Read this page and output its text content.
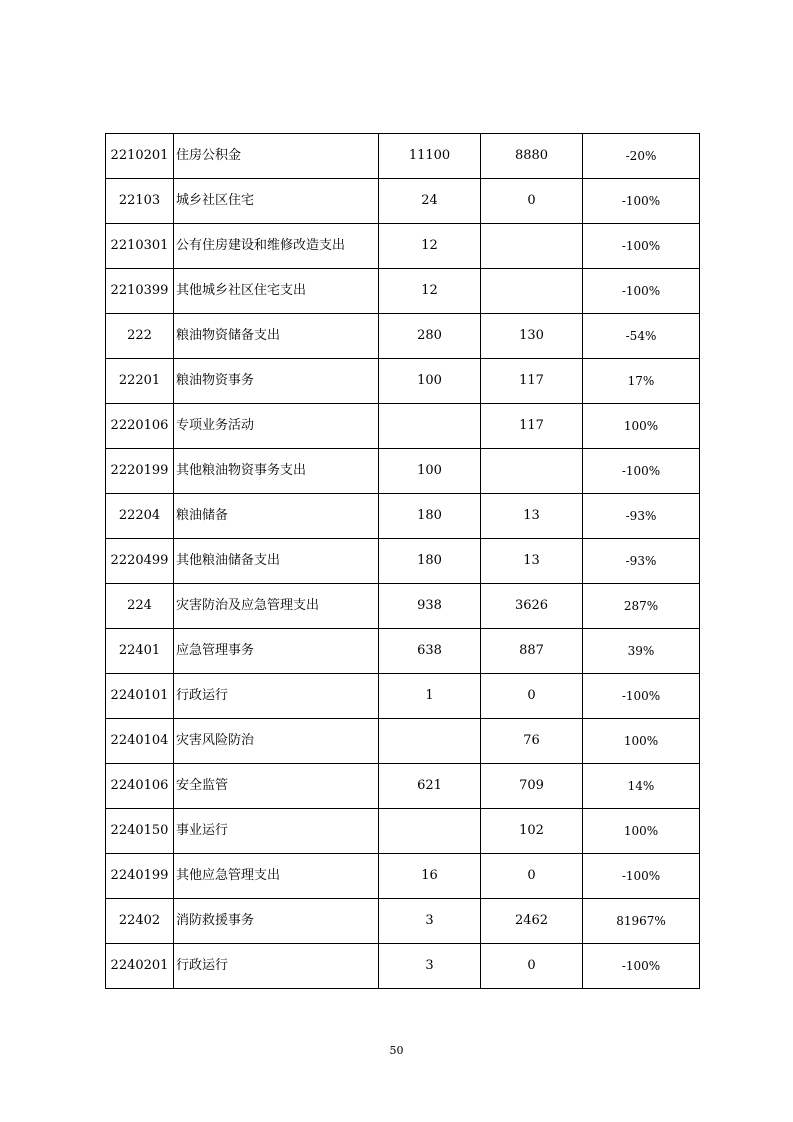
2210201	住房公积金	11100	8880	-20%
22103	城乡社区住宅	24	0	-100%
2210301	公有住房建设和维修改造支出	12		-100%
2210399	其他城乡社区住宅支出	12		-100%
222	粮油物资储备支出	280	130	-54%
22201	粮油物资事务	100	117	17%
2220106	专项业务活动		117	100%
2220199	其他粮油物资事务支出	100		-100%
22204	粮油储备	180	13	-93%
2220499	其他粮油储备支出	180	13	-93%
224	灾害防治及应急管理支出	938	3626	287%
22401	应急管理事务	638	887	39%
2240101	行政运行	1	0	-100%
2240104	灾害风险防治		76	100%
2240106	安全监管	621	709	14%
2240150	事业运行		102	100%
2240199	其他应急管理支出	16	0	-100%
22402	消防救援事务	3	2462	81967%
2240201	行政运行	3	0	-100%
50
